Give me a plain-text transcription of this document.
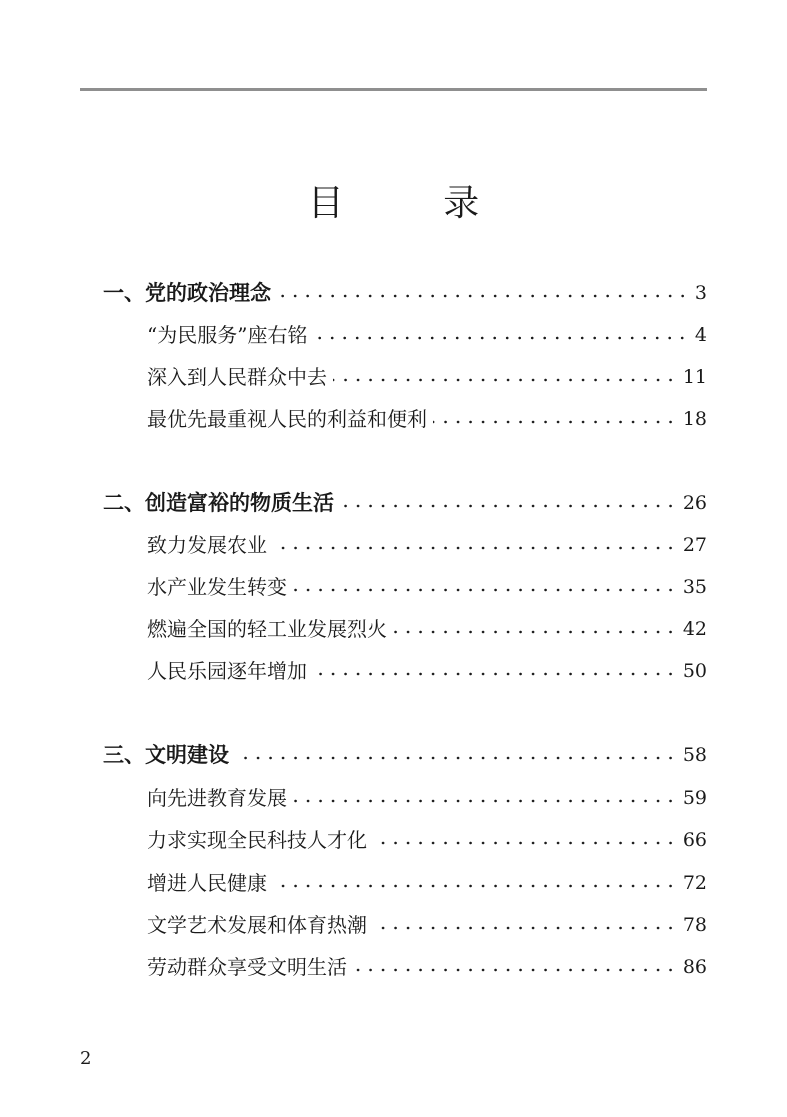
目 录
一、 党的政治理念	3
“为民服务”座右铭	4
深入到人民群众中去	11
最优先最重视人民的利益和便利	18
二、 创造富裕的物质生活	26
致力发展农业	27
水产业发生转变	35
燃遍全国的轻工业发展烈火	42
人民乐园逐年增加	50
三、 文明建设	58
向先进教育发展	59
力求实现全民科技人才化	66
增进人民健康	72
文学艺术发展和体育热潮	78
劳动群众享受文明生活	86
2
